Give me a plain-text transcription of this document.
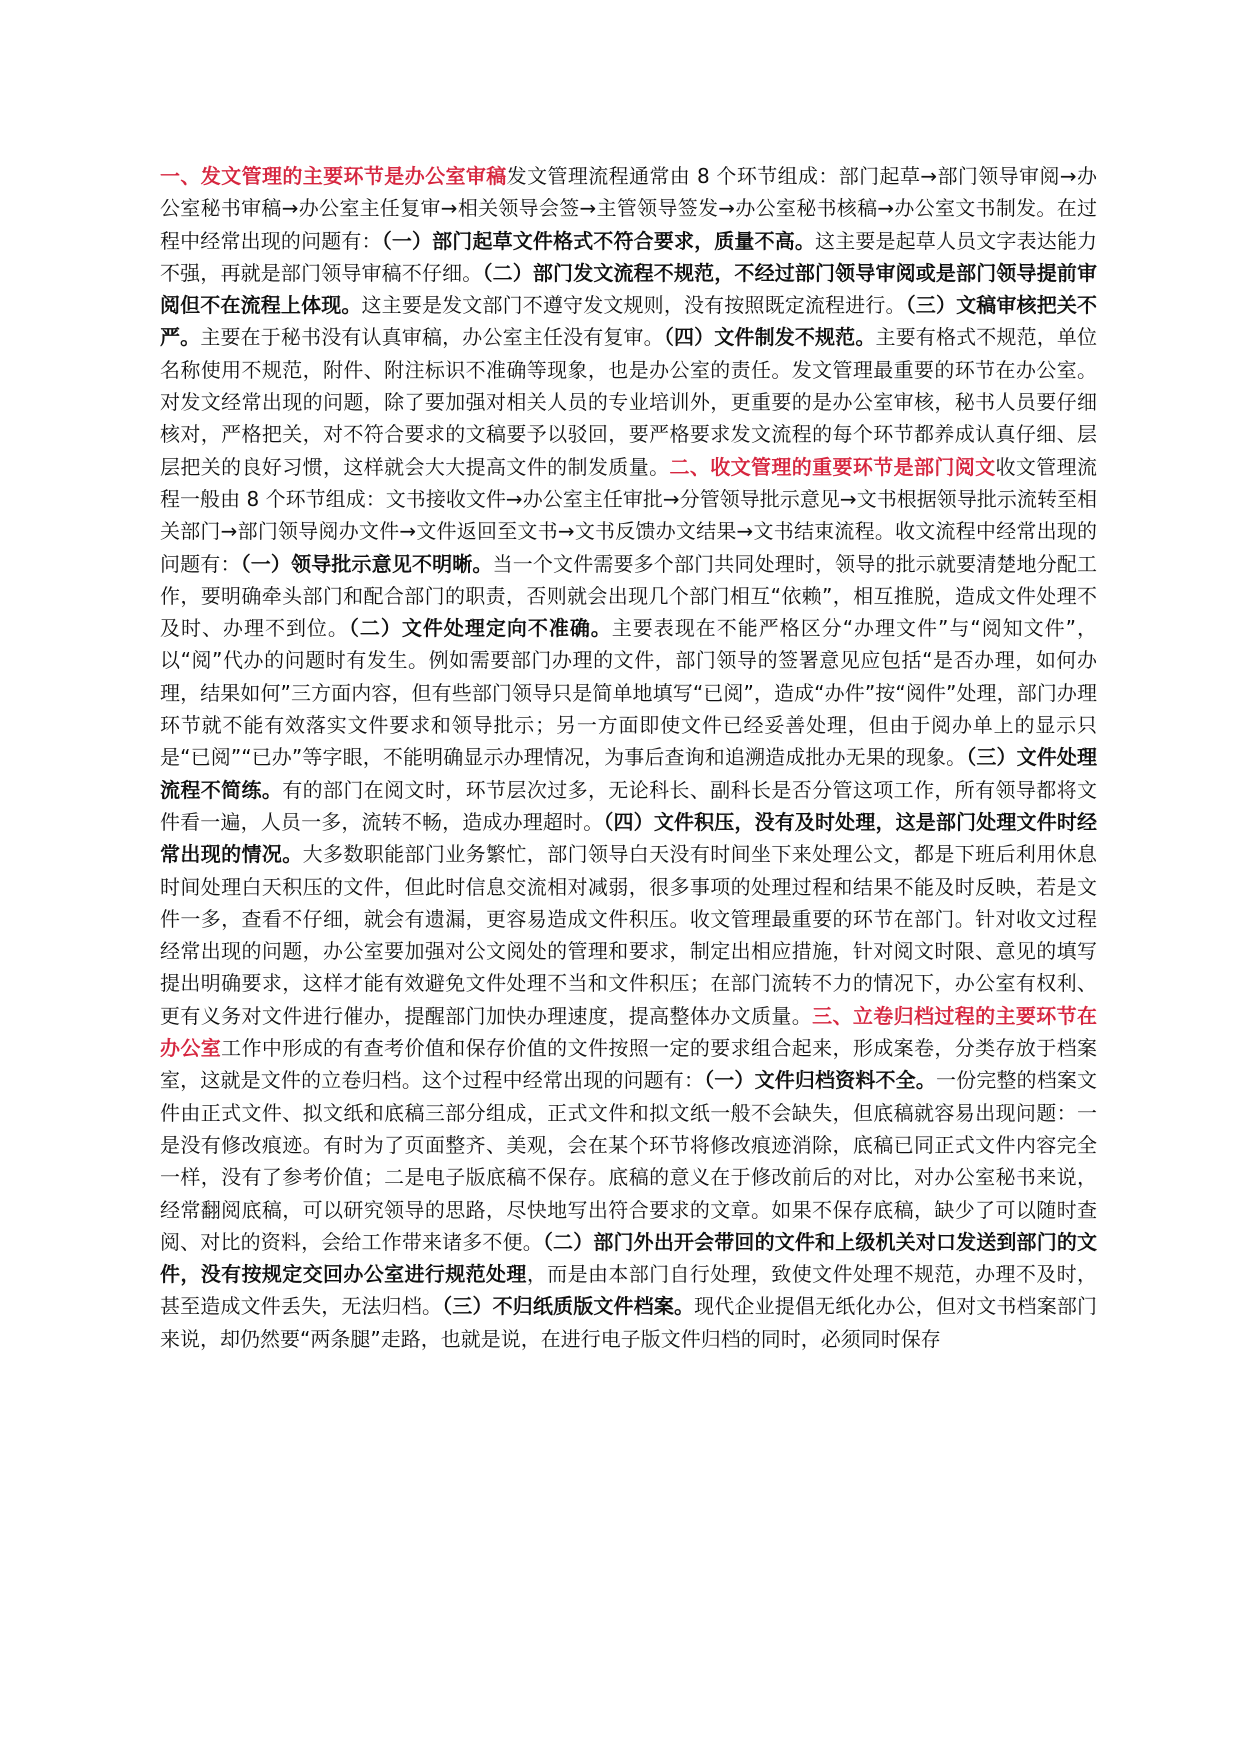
一、发文管理的主要环节是办公室审稿发文管理流程通常由 8 个环节组成：部门起草→部门领导审阅→办公室秘书审稿→办公室主任复审→相关领导会签→主管领导签发→办公室秘书核稿→办公室文书制发。在过程中经常出现的问题有：（一）部门起草文件格式不符合要求，质量不高。这主要是起草人员文字表达能力不强，再就是部门领导审稿不仔细。（二）部门发文流程不规范，不经过部门领导审阅或是部门领导提前审阅但不在流程上体现。这主要是发文部门不遵守发文规则，没有按照既定流程进行。（三）文稿审核把关不严。主要在于秘书没有认真审稿，办公室主任没有复审。（四）文件制发不规范。主要有格式不规范，单位名称使用不规范，附件、附注标识不准确等现象，也是办公室的责任。发文管理最重要的环节在办公室。对发文经常出现的问题，除了要加强对相关人员的专业培训外，更重要的是办公室审核，秘书人员要仔细核对，严格把关，对不符合要求的文稿要予以驳回，要严格要求发文流程的每个环节都养成认真仔细、层层把关的良好习惯，这样就会大大提高文件的制发质量。二、收文管理的重要环节是部门阅文收文管理流程一般由 8 个环节组成：文书接收文件→办公室主任审批→分管领导批示意见→文书根据领导批示流转至相关部门→部门领导阅办文件→文件返回至文书→文书反馈办文结果→文书结束流程。收文流程中经常出现的问题有：（一）领导批示意见不明晰。当一个文件需要多个部门共同处理时，领导的批示就要清楚地分配工作，要明确牵头部门和配合部门的职责，否则就会出现几个部门相互“依赖”，相互推脱，造成文件处理不及时、办理不到位。（二）文件处理定向不准确。主要表现在不能严格区分“办理文件”与“阅知文件”，以“阅”代办的问题时有发生。例如需要部门办理的文件，部门领导的签署意见应包括“是否办理，如何办理，结果如何”三方面内容，但有些部门领导只是简单地填写“已阅”，造成“办件”按“阅件”处理，部门办理环节就不能有效落实文件要求和领导批示；另一方面即使文件已经妥善处理，但由于阅办单上的显示只是“已阅”“已办”等字眼，不能明确显示办理情况，为事后查询和追溯造成批办无果的现象。（三）文件处理流程不简练。有的部门在阅文时，环节层次过多，无论科长、副科长是否分管这项工作，所有领导都将文件看一遍，人员一多，流转不畅，造成办理超时。（四）文件积压，没有及时处理，这是部门处理文件时经常出现的情况。大多数职能部门业务繁忙，部门领导白天没有时间坐下来处理公文，都是下班后利用休息时间处理白天积压的文件，但此时信息交流相对减弱，很多事项的处理过程和结果不能及时反映，若是文件一多，查看不仔细，就会有遗漏，更容易造成文件积压。收文管理最重要的环节在部门。针对收文过程经常出现的问题，办公室要加强对公文阅处的管理和要求，制定出相应措施，针对阅文时限、意见的填写提出明确要求，这样才能有效避免文件处理不当和文件积压；在部门流转不力的情况下，办公室有权利、更有义务对文件进行催办，提醒部门加快办理速度，提高整体办文质量。三、立卷归档过程的主要环节在办公室工作中形成的有查考价值和保存价值的文件按照一定的要求组合起来，形成案卷，分类存放于档案室，这就是文件的立卷归档。这个过程中经常出现的问题有：（一）文件归档资料不全。一份完整的档案文件由正式文件、拟文纸和底稿三部分组成，正式文件和拟文纸一般不会缺失，但底稿就容易出现问题：一是没有修改痕迹。有时为了页面整齐、美观，会在某个环节将修改痕迹消除，底稿已同正式文件内容完全一样，没有了参考价值；二是电子版底稿不保存。底稿的意义在于修改前后的对比，对办公室秘书来说，经常翻阅底稿，可以研究领导的思路，尽快地写出符合要求的文章。如果不保存底稿，缺少了可以随时查阅、对比的资料，会给工作带来诸多不便。（二）部门外出开会带回的文件和上级机关对口发送到部门的文件，没有按规定交回办公室进行规范处理，而是由本部门自行处理，致使文件处理不规范，办理不及时，甚至造成文件丢失，无法归档。（三）不归纸质版文件档案。现代企业提倡无纸化办公，但对文书档案部门来说，却仍然要“两条腿”走路，也就是说，在进行电子版文件归档的同时，必须同时保存
